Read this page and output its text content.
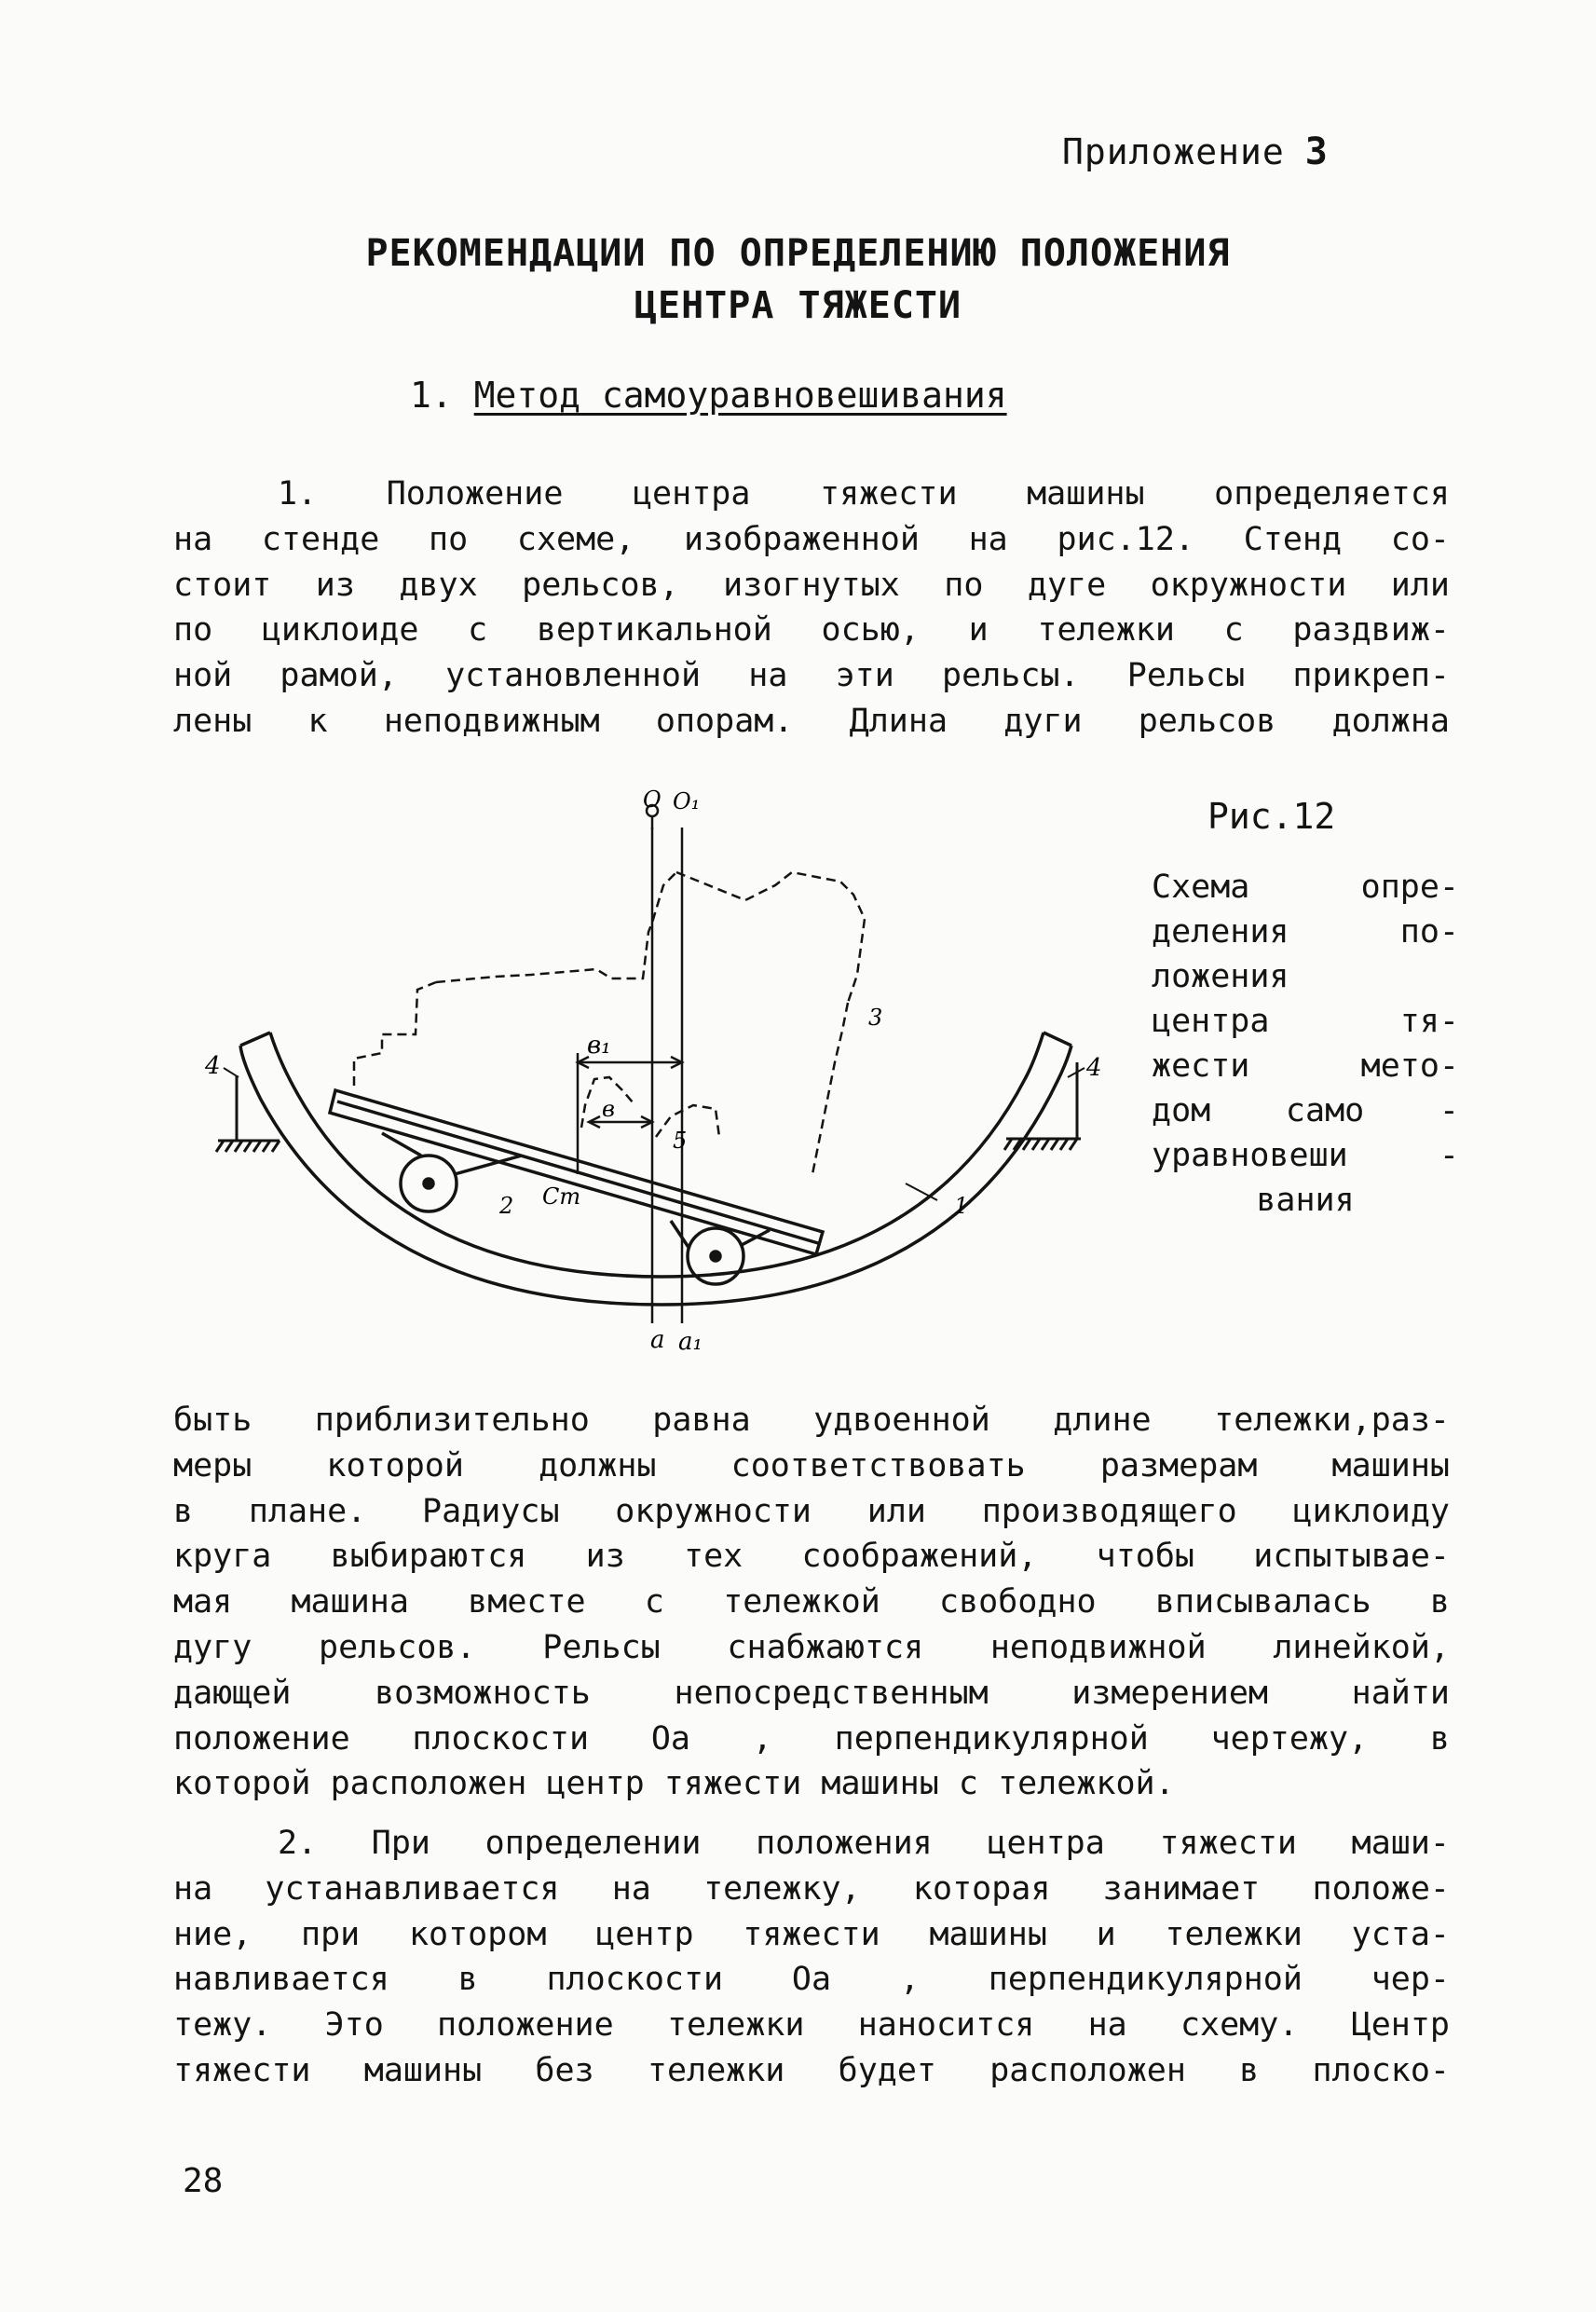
Приложение 3
РЕКОМЕНДАЦИИ ПО ОПРЕДЕЛЕНИЮ ПОЛОЖЕНИЯ
ЦЕНТРА ТЯЖЕСТИ
1. Метод самоуравновешивания
1. Положение центра тяжести машины определяется
на стенде по схеме, изображенной на рис.12. Стенд со-
стоит из двух рельсов, изогнутых по дуге окружности или
по циклоиде с вертикальной осью, и тележки с раздвиж-
ной рамой, установленной на эти рельсы. Рельсы прикреп-
лены к неподвижным опорам. Длина дуги рельсов должна
O O₁
a a₁
в₁
в
Cm	1
2
3
4	4
5
Рис.12
Схема опре-
деления по-
ложения
центра тя-
жести мето-
дом само -
уравновеши -
вания
быть приблизительно равна удвоенной длине тележки,раз-
меры которой должны соответствовать размерам машины
в плане. Радиусы окружности или производящего циклоиду
круга выбираются из тех соображений, чтобы испытывае-
мая машина вместе с тележкой свободно вписывалась в
дугу рельсов. Рельсы снабжаются неподвижной линейкой,
дающей возможность непосредственным измерением найти
положение плоскости Оа , перпендикулярной чертежу, в
которой расположен центр тяжести машины с тележкой.
2. При определении положения центра тяжести маши-
на устанавливается на тележку, которая занимает положе-
ние, при котором центр тяжести машины и тележки уста-
навливается в плоскости Оа , перпендикулярной чер-
тежу. Это положение тележки наносится на схему. Центр
тяжести машины без тележки будет расположен в плоско-
28
